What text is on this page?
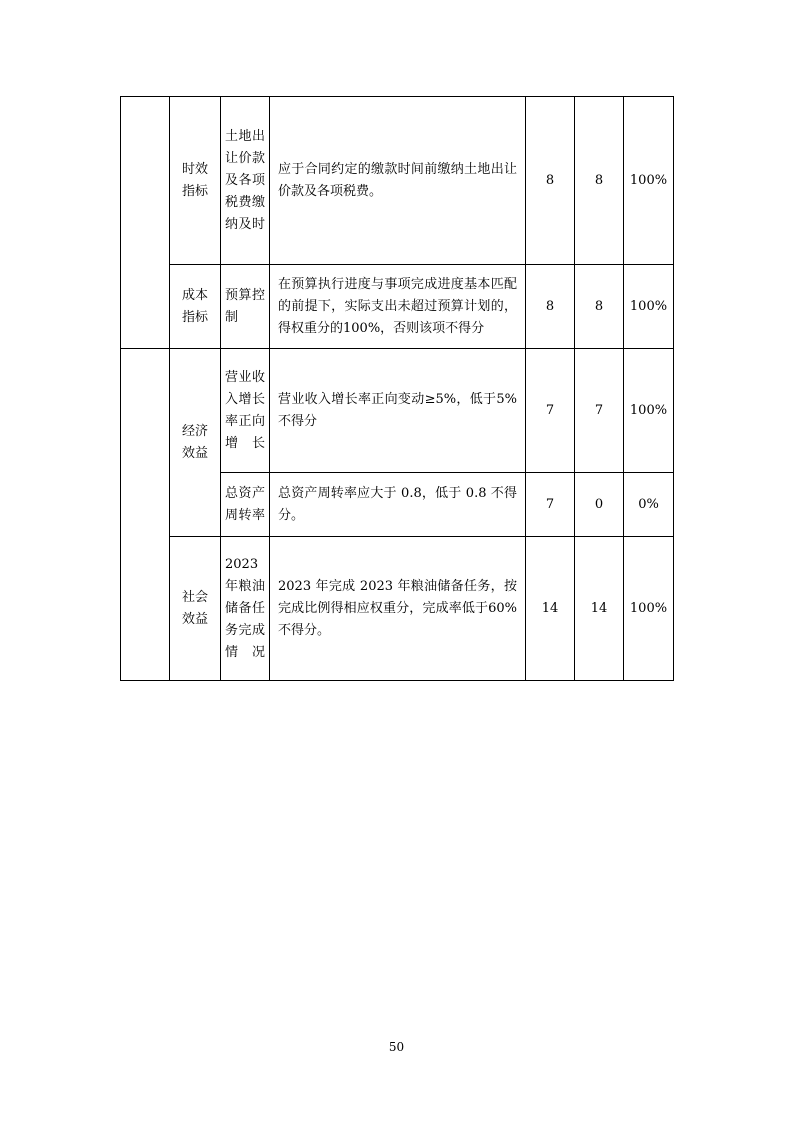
	时效指标	土地出让价款及各项税费缴纳及时	应于合同约定的缴款时间前缴纳土地出让价款及各项税费。	8	8	100%
	成本指标	预算控制	在预算执行进度与事项完成进度基本匹配的前提下，实际支出未超过预算计划的，得权重分的100%，否则该项不得分	8	8	100%
	经济效益	营业收入增长率正向增长	营业收入增长率正向变动≥5%，低于5%不得分	7	7	100%
		总资产周转率	总资产周转率应大于 0.8，低于 0.8 不得分。	7	0	0%
	社会效益	2023年粮油储备任务完成情况	2023 年完成 2023 年粮油储备任务，按完成比例得相应权重分，完成率低于60%不得分。	14	14	100%
50
